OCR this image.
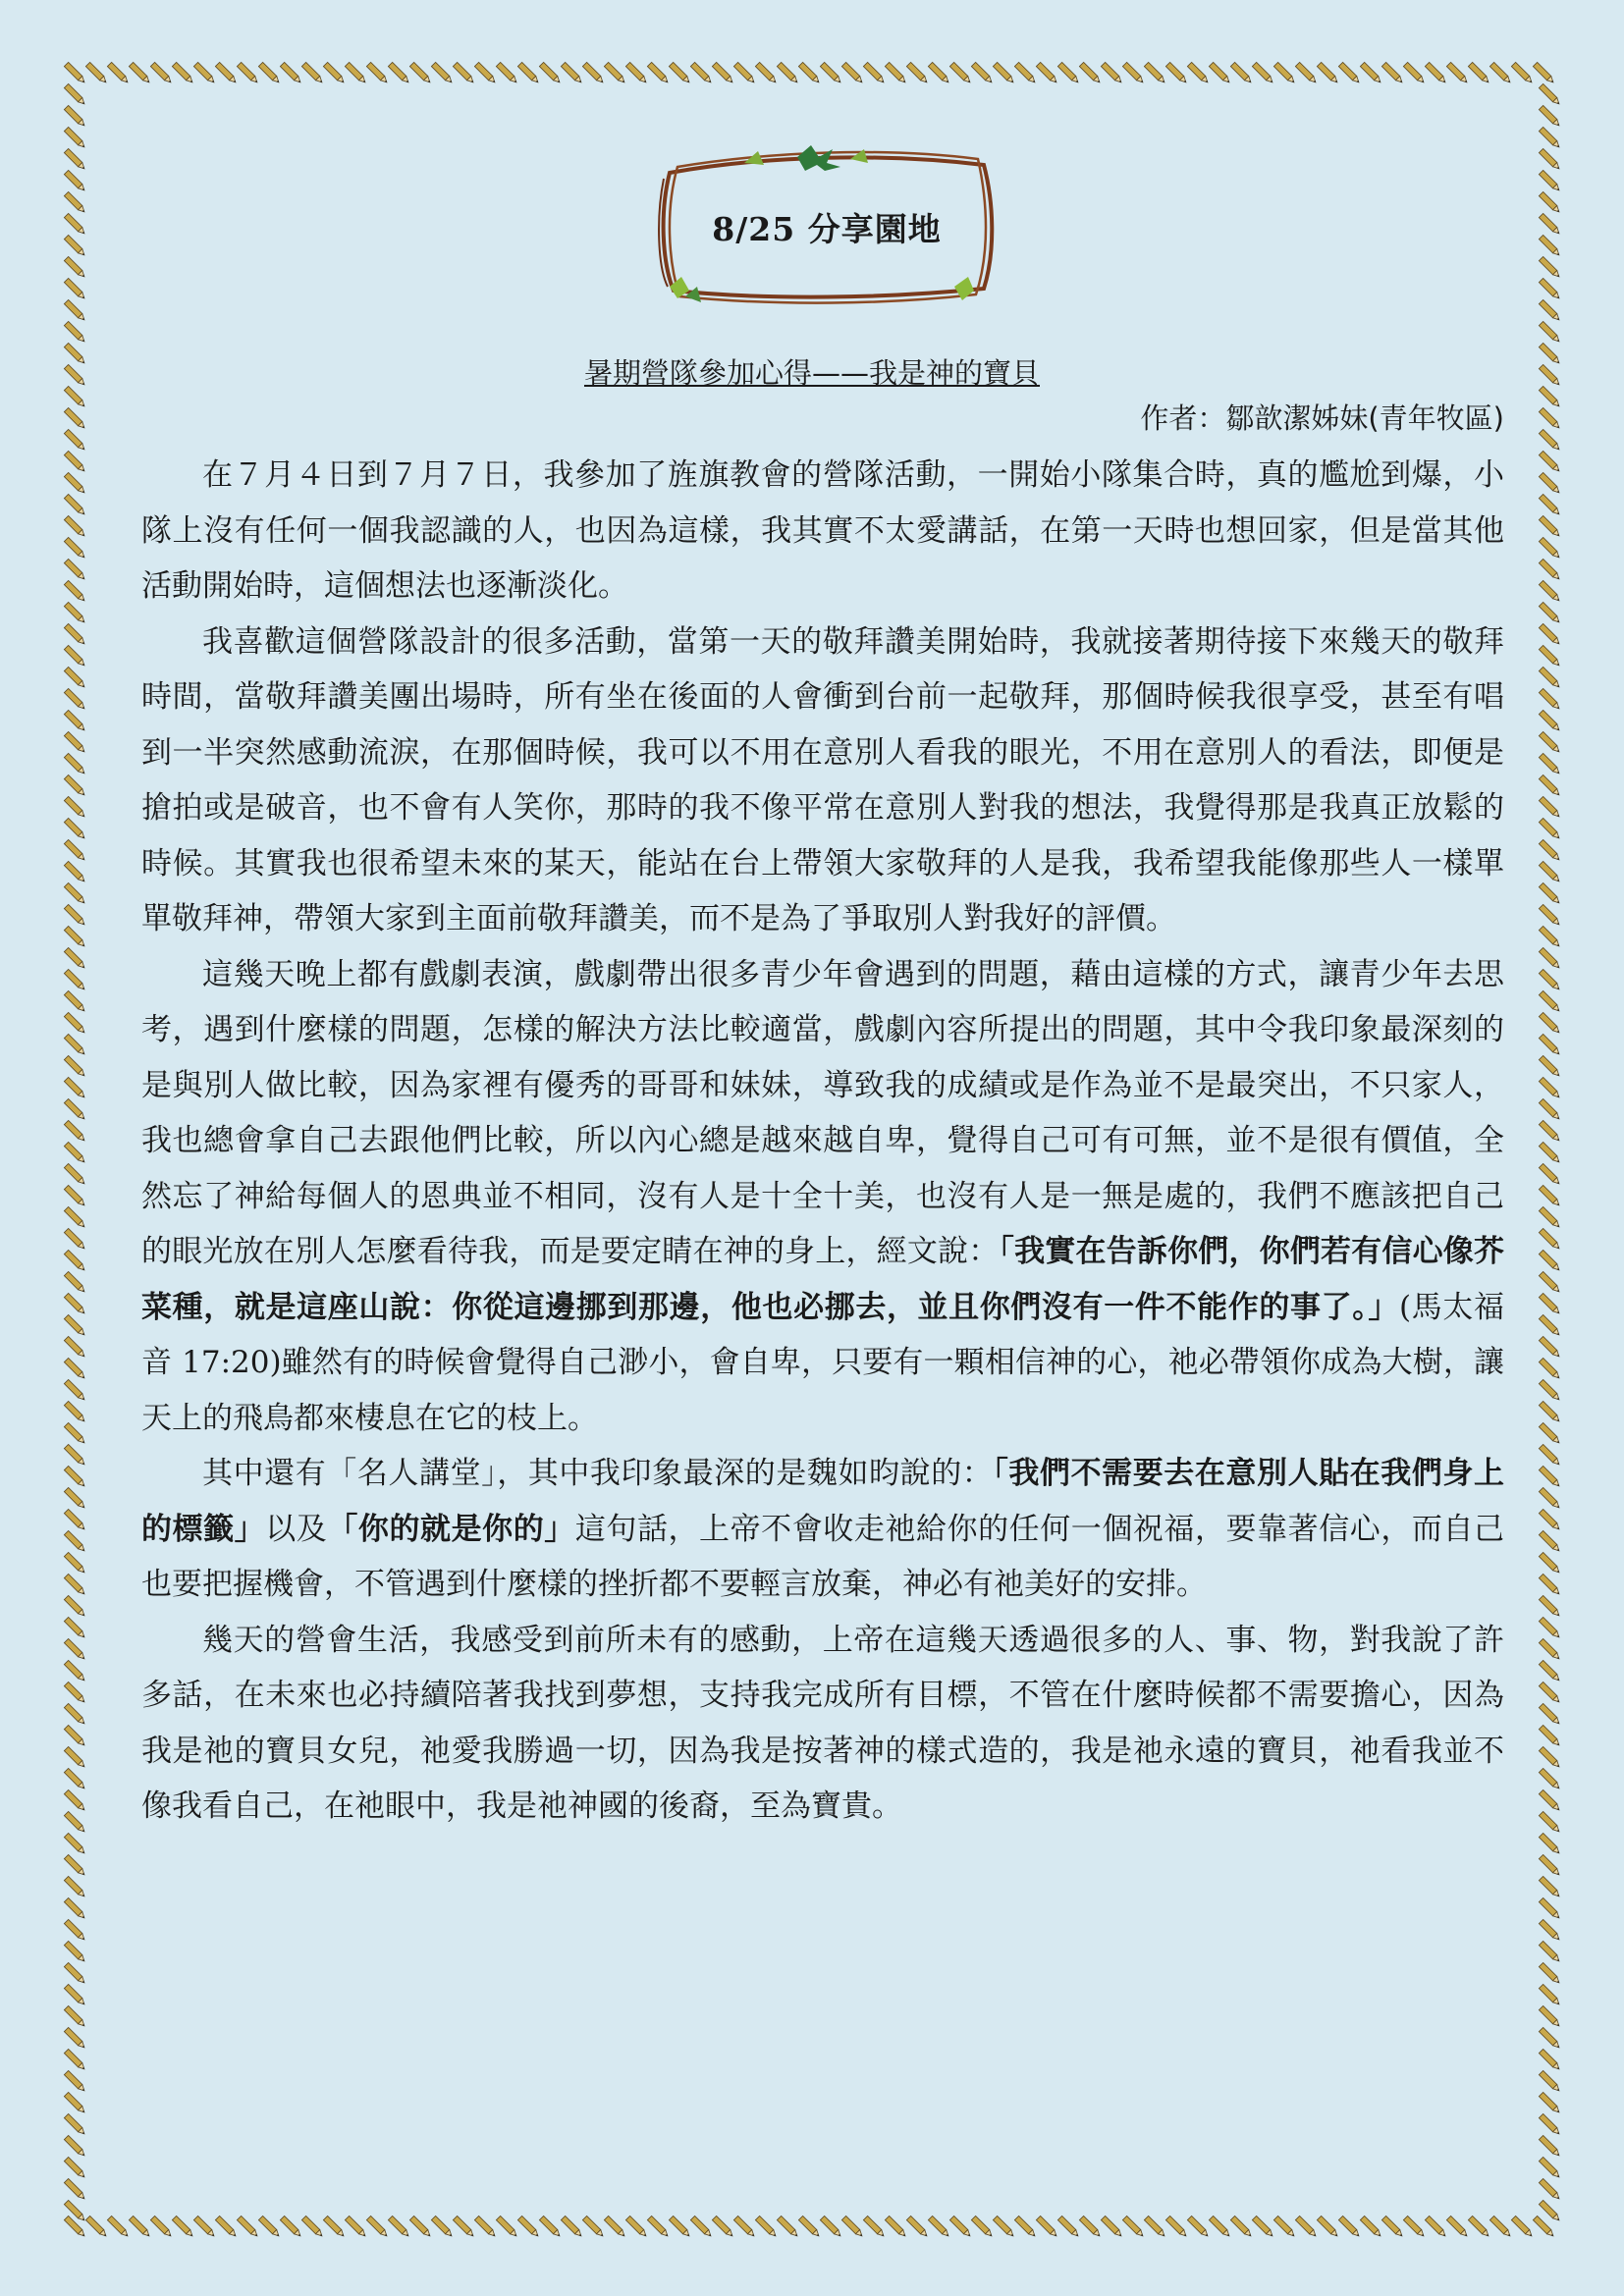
8/25 分享園地
暑期營隊參加心得——我是神的寶貝
作者：鄒歆潔姊妹(青年牧區)

在７月４日到７月７日，我參加了旌旗教會的營隊活動，一開始小隊集合時，真的尷尬到爆，小隊上沒有任何一個我認識的人，也因為這樣，我其實不太愛講話，在第一天時也想回家，但是當其他活動開始時，這個想法也逐漸淡化。

我喜歡這個營隊設計的很多活動，當第一天的敬拜讚美開始時，我就接著期待接下來幾天的敬拜時間，當敬拜讚美團出場時，所有坐在後面的人會衝到台前一起敬拜，那個時候我很享受，甚至有唱到一半突然感動流淚，在那個時候，我可以不用在意別人看我的眼光，不用在意別人的看法，即便是搶拍或是破音，也不會有人笑你，那時的我不像平常在意別人對我的想法，我覺得那是我真正放鬆的時候。其實我也很希望未來的某天，能站在台上帶領大家敬拜的人是我，我希望我能像那些人一樣單單敬拜神，帶領大家到主面前敬拜讚美，而不是為了爭取別人對我好的評價。

這幾天晚上都有戲劇表演，戲劇帶出很多青少年會遇到的問題，藉由這樣的方式，讓青少年去思考，遇到什麼樣的問題，怎樣的解決方法比較適當，戲劇內容所提出的問題，其中令我印象最深刻的是與別人做比較，因為家裡有優秀的哥哥和妹妹，導致我的成績或是作為並不是最突出，不只家人，我也總會拿自己去跟他們比較，所以內心總是越來越自卑，覺得自己可有可無，並不是很有價值，全然忘了神給每個人的恩典並不相同，沒有人是十全十美，也沒有人是一無是處的，我們不應該把自己的眼光放在別人怎麼看待我，而是要定睛在神的身上，經文說：「我實在告訴你們，你們若有信心像芥菜種，就是這座山說：你從這邊挪到那邊，他也必挪去，並且你們沒有一件不能作的事了。」(馬太福音 17:20)雖然有的時候會覺得自己渺小，會自卑，只要有一顆相信神的心，祂必帶領你成為大樹，讓天上的飛鳥都來棲息在它的枝上。

其中還有「名人講堂」，其中我印象最深的是魏如昀說的：「我們不需要去在意別人貼在我們身上的標籤」以及「你的就是你的」這句話，上帝不會收走祂給你的任何一個祝福，要靠著信心，而自己也要把握機會，不管遇到什麼樣的挫折都不要輕言放棄，神必有祂美好的安排。

幾天的營會生活，我感受到前所未有的感動，上帝在這幾天透過很多的人、事、物，對我說了許多話，在未來也必持續陪著我找到夢想，支持我完成所有目標，不管在什麼時候都不需要擔心，因為我是祂的寶貝女兒，祂愛我勝過一切，因為我是按著神的樣式造的，我是祂永遠的寶貝，祂看我並不像我看自己，在祂眼中，我是祂神國的後裔，至為寶貴。
